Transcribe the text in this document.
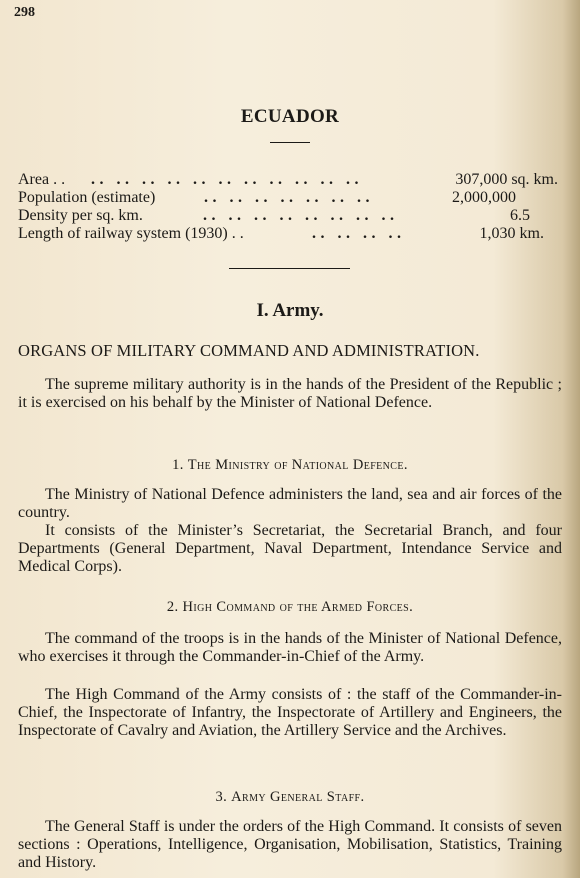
298
ECUADOR
Area . . .. .. .. .. .. .. .. .. .. .. ..	307,000 sq. km.
Population (estimate)	.. .. .. .. .. .. ..	2,000,000
Density per sq. km.	.. .. .. .. .. .. .. ..	6.5
Length of railway system (1930) . .	.. .. .. ..	1,030 km.
I. Army.
ORGANS OF MILITARY COMMAND AND ADMINISTRATION.

The supreme military authority is in the hands of the President of the Republic ; it is exercised on his behalf by the Minister of National Defence.

1. The Ministry of National Defence.

The Ministry of National Defence administers the land, sea and air forces of the country.

It consists of the Minister’s Secretariat, the Secretarial Branch, and four Departments (General Department, Naval Department, Intendance Service and Medical Corps).

2. High Command of the Armed Forces.

The command of the troops is in the hands of the Minister of National Defence, who exercises it through the Commander-in-Chief of the Army.

The High Command of the Army consists of : the staff of the Commander-in-Chief, the Inspectorate of Infantry, the Inspectorate of Artillery and Engineers, the Inspectorate of Cavalry and Aviation, the Artillery Service and the Archives.

3. Army General Staff.

The General Staff is under the orders of the High Command. It consists of seven sections : Operations, Intelligence, Organisation, Mobilisation, Statistics, Training and History.
